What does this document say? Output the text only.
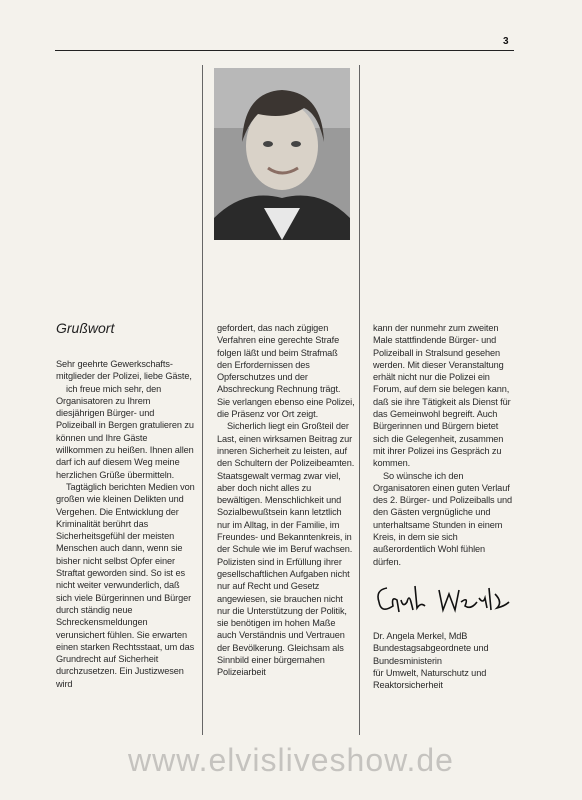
3
Grußwort

Sehr geehrte Gewerkschafts-mitglieder der Polizei, liebe Gäste,

ich freue mich sehr, den Organisatoren zu Ihrem diesjährigen Bürger- und Polizeiball in Bergen gratulieren zu können und Ihre Gäste willkommen zu heißen. Ihnen allen darf ich auf diesem Weg meine herzlichen Grüße übermitteln.

Tagtäglich berichten Medien von großen wie kleinen Delikten und Vergehen. Die Entwicklung der Kriminalität berührt das Sicherheitsgefühl der meisten Menschen auch dann, wenn sie bisher nicht selbst Opfer einer Straftat geworden sind. So ist es nicht weiter verwunderlich, daß sich viele Bürgerinnen und Bürger durch ständig neue Schreckensmeldungen verunsichert fühlen. Sie erwarten einen starken Rechtsstaat, um das Grundrecht auf Sicherheit durchzusetzen. Ein Justizwesen wird

gefordert, das nach zügigen Verfahren eine gerechte Strafe folgen läßt und beim Strafmaß den Erfordernissen des Opferschutzes und der Abschreckung Rechnung trägt. Sie verlangen ebenso eine Polizei, die Präsenz vor Ort zeigt.

Sicherlich liegt ein Großteil der Last, einen wirksamen Beitrag zur inneren Sicherheit zu leisten, auf den Schultern der Polizeibeamten. Staatsgewalt vermag zwar viel, aber doch nicht alles zu bewältigen. Menschlichkeit und Sozialbewußtsein kann letztlich nur im Alltag, in der Familie, im Freundes- und Bekanntenkreis, in der Schule wie im Beruf wachsen. Polizisten sind in Erfüllung ihrer gesellschaftlichen Aufgaben nicht nur auf Recht und Gesetz angewiesen, sie brauchen nicht nur die Unterstützung der Politik, sie benötigen im hohen Maße auch Verständnis und Vertrauen der Bevölkerung. Gleichsam als Sinnbild einer bürgernahen Polizeiarbeit

kann der nunmehr zum zweiten Male stattfindende Bürger- und Polizeiball in Stralsund gesehen werden. Mit dieser Veranstaltung erhält nicht nur die Polizei ein Forum, auf dem sie belegen kann, daß sie ihre Tätigkeit als Dienst für das Gemeinwohl begreift. Auch Bürgerinnen und Bürgern bietet sich die Gelegenheit, zusammen mit ihrer Polizei ins Gespräch zu kommen.

So wünsche ich den Organisatoren einen guten Verlauf des 2. Bürger- und Polizeiballs und den Gästen vergnügliche und unterhaltsame Stunden in einem Kreis, in dem sie sich außerordentlich Wohl fühlen dürfen.

Dr. Angela Merkel, MdB

Bundestagsabgeordnete und

Bundesministerin

für Umwelt, Naturschutz und

Reaktorsicherheit

www.elvisliveshow.de
